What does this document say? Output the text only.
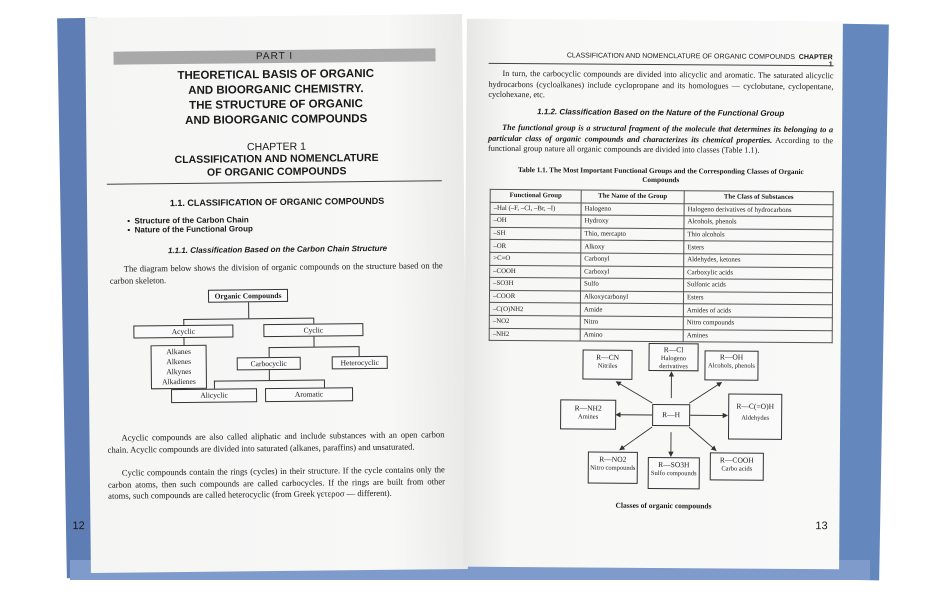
PART I
THEORETICAL BASIS OF ORGANIC
AND BIOORGANIC CHEMISTRY.
THE STRUCTURE OF ORGANIC
AND BIOORGANIC COMPOUNDS
CHAPTER 1
CLASSIFICATION AND NOMENCLATURE
OF ORGANIC COMPOUNDS
1.1. CLASSIFICATION OF ORGANIC COMPOUNDS
▪  Structure of the Carbon Chain
▪  Nature of the Functional Group
1.1.1. Classification Based on the Carbon Chain Structure
The diagram below shows the division of organic compounds on the structure based on the carbon skeleton.
Organic Compounds
Acyclic	Cyclic
Alkanes
Alkenes
Alkynes
Alkadienes
Carbocyclic	Heterocyclic
Alicyclic	Aromatic
Acyclic compounds are also called aliphatic and include substances with an open carbon chain. Acyclic compounds are divided into saturated (alkanes, paraffins) and unsaturated.
Cyclic compounds contain the rings (cycles) in their structure. If the cycle contains only the carbon atoms, then such compounds are called carbocycles. If the rings are built from other atoms, such compounds are called heterocyclic (from Greek γετεροσ — different).
12
CLASSIFICATION AND NOMENCLATURE OF ORGANIC COMPOUNDS CHAPTER
In turn, the carbocyclic compounds are divided into alicyclic and aromatic. The saturated alicyclic hydrocarbons (cycloalkanes) include cyclopropane and its homologues — cyclobutane, cyclopentane, cyclohexane, etc.
1.1.2. Classification Based on the Nature of the Functional Group
The functional group is a structural fragment of the molecule that determines its belonging to a particular class of organic compounds and characterizes its chemical properties. According to the functional group nature all organic compounds are divided into classes (Table 1.1).
Table 1.1. The Most Important Functional Groups and the Corresponding Classes of Organic Compounds
Functional Group	The Name of the Group	The Class of Substances
–Hal (–F, –Cl, –Br, –I)	Halogeno	Halogeno derivatives of hydrocarbons
–OH	Hydroxy	Alcohols, phenols
–SH	Thio, mercapto	Thio alcohols
–OR	Alkoxy	Esters
>C=O	Carbonyl	Aldehydes, ketones
–COOH	Carboxyl	Carboxylic acids
–SO3H	Sulfo	Sulfonic acids
–COOR	Alkoxycarbonyl	Esters
–C(O)NH2	Amide	Amides of acids
–NO2	Nitro	Nitro compounds
–NH2	Amino	Amines
R—H
R—CN
Nitriles
R—Cl
Halogeno derivatives
R—OH
Alcohols, phenols
R—NH2
Amines
R—C(=O)H
Aldehydes
R—NO2
Nitro compounds	R—SO3H
Sulfo compounds
R—COOH
Carbo acids
Classes of organic compounds
13
